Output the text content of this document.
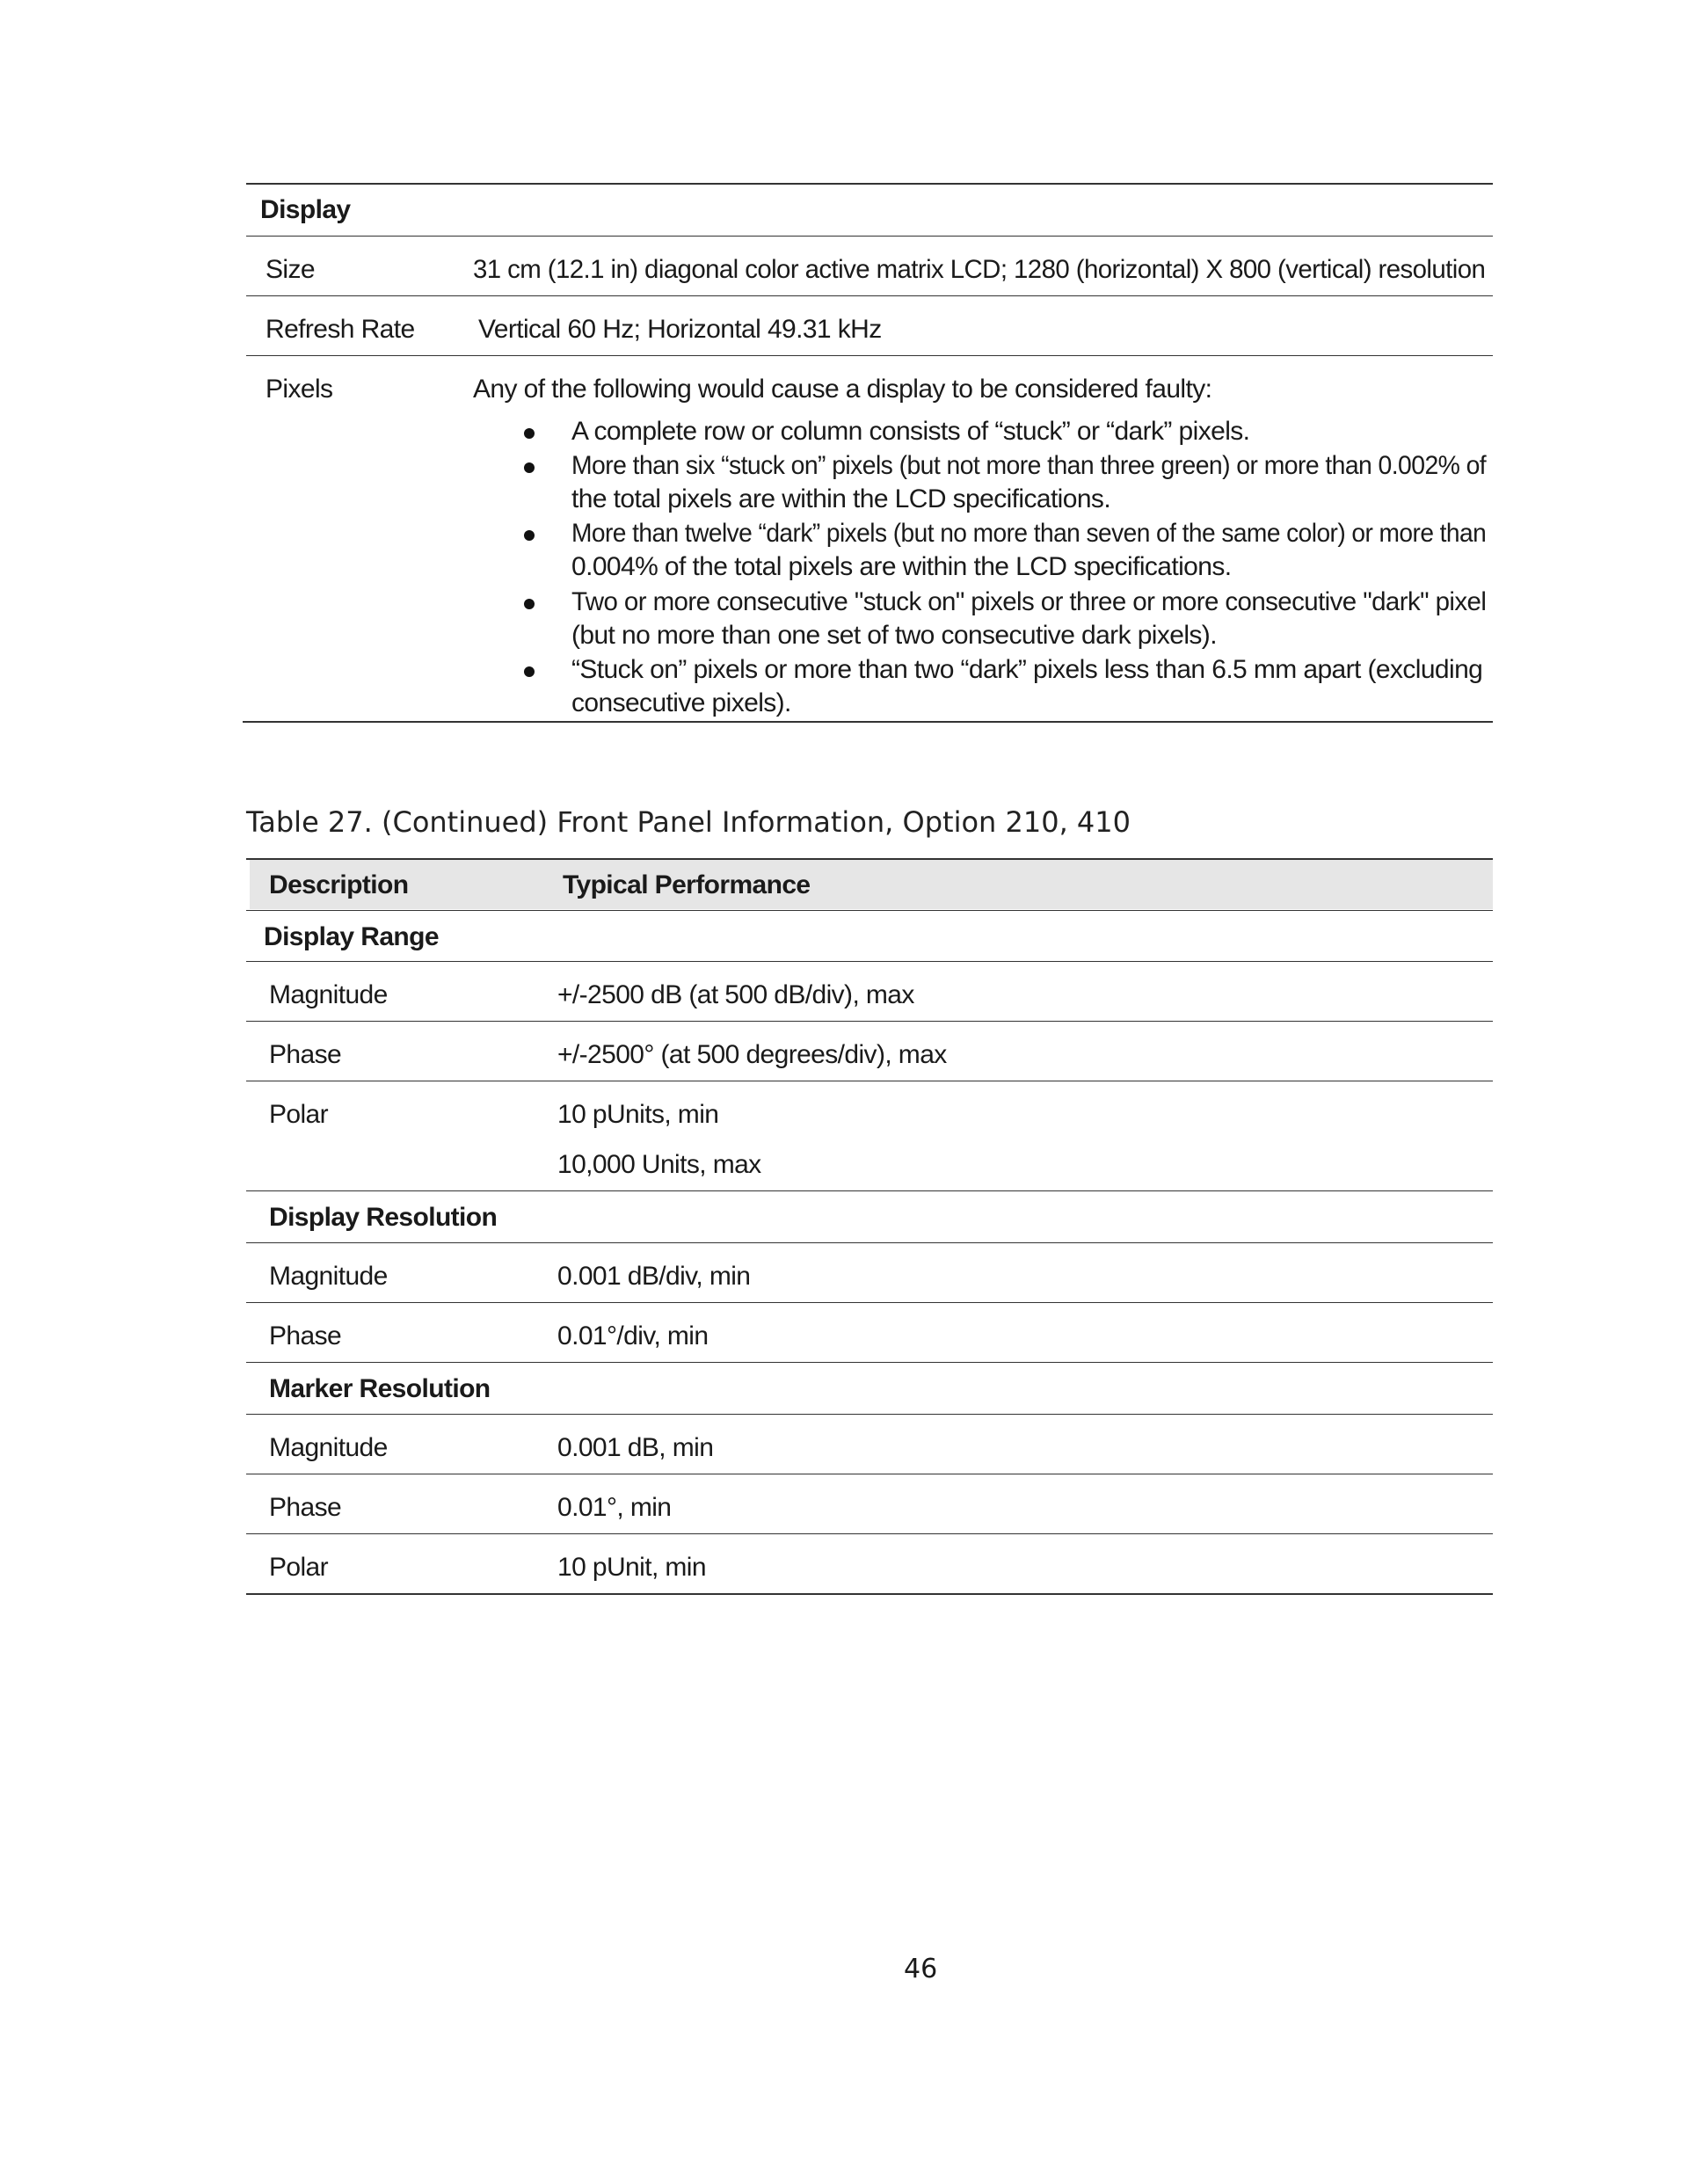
Display
Size	31 cm (12.1 in) diagonal color active matrix LCD; 1280 (horizontal) X 800 (vertical) resolution
Refresh Rate Vertical 60 Hz; Horizontal 49.31 kHz
Pixels	Any of the following would cause a display to be considered faulty:
A complete row or column consists of “stuck” or “dark” pixels.
More than six “stuck on” pixels (but not more than three green) or more than 0.002% of
the total pixels are within the LCD specifications.
More than twelve “dark” pixels (but no more than seven of the same color) or more than
0.004% of the total pixels are within the LCD specifications.
Two or more consecutive "stuck on" pixels or three or more consecutive "dark" pixel
(but no more than one set of two consecutive dark pixels).
“Stuck on” pixels or more than two “dark” pixels less than 6.5 mm apart (excluding
consecutive pixels).
Table 27. (Continued) Front Panel Information, Option 210, 410
Description	Typical Performance
Display Range
Magnitude	+/-2500 dB (at 500 dB/div), max
Phase	+/-2500° (at 500 degrees/div), max
Polar	10 pUnits, min
10,000 Units, max
Display Resolution
Magnitude	0.001 dB/div, min
Phase	0.01°/div, min
Marker Resolution
Magnitude	0.001 dB, min
Phase	0.01°, min
Polar	10 pUnit, min
46
